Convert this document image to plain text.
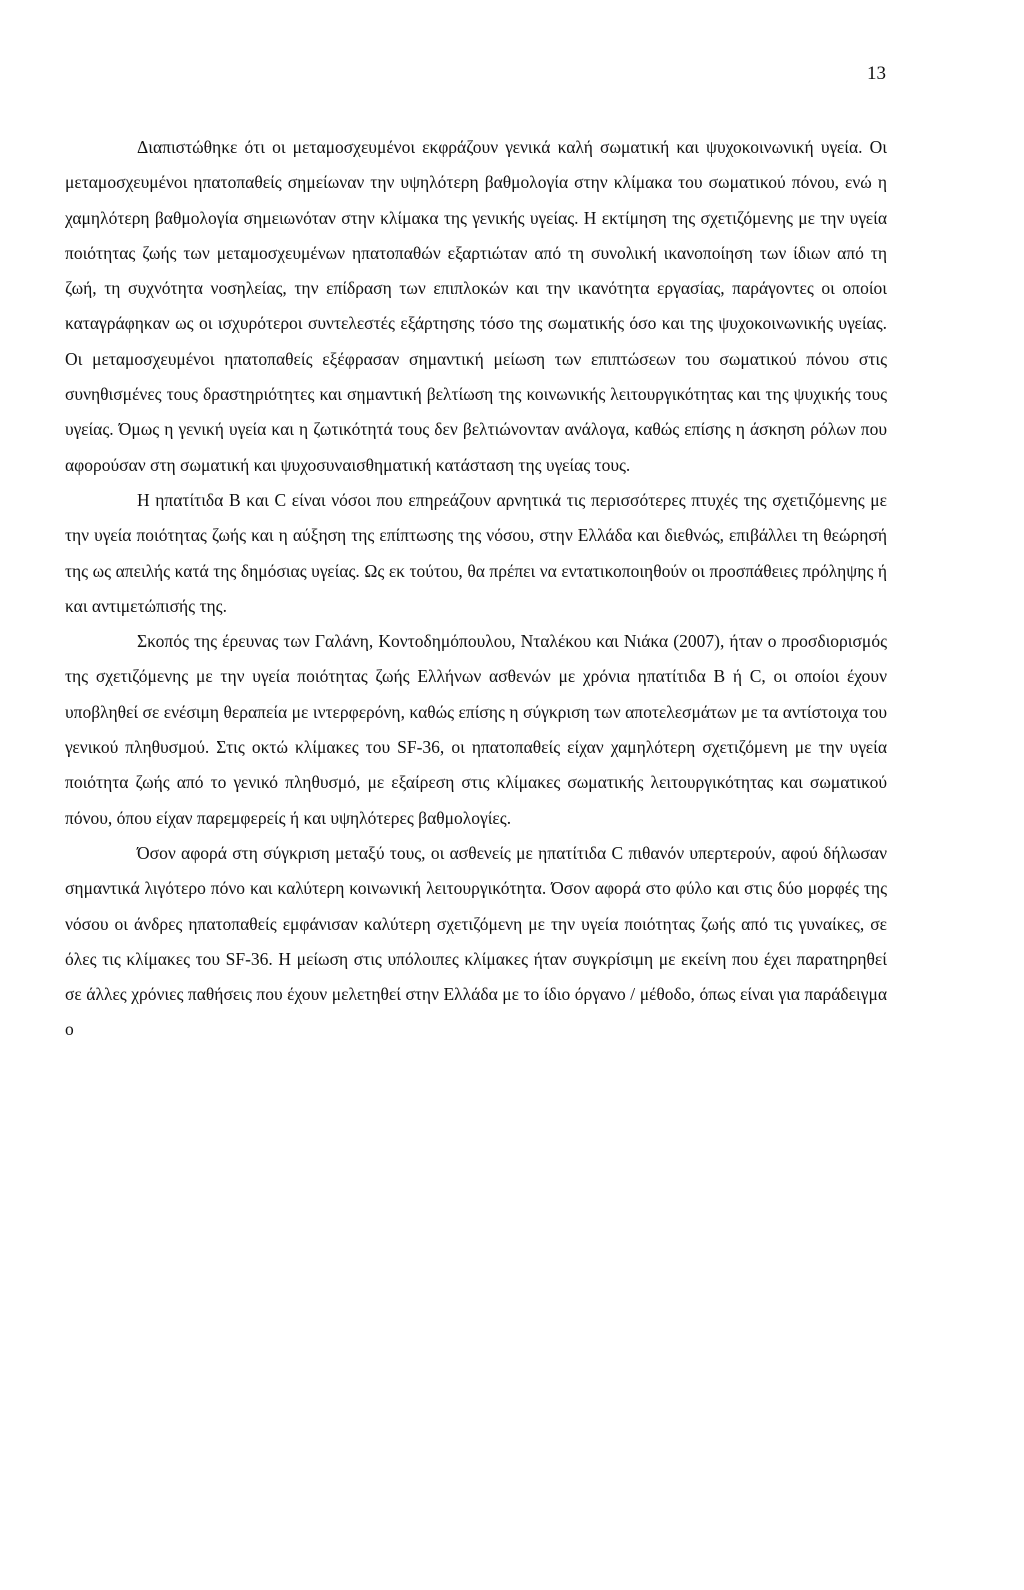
13

Διαπιστώθηκε ότι οι μεταμοσχευμένοι εκφράζουν γενικά καλή σωματική και ψυχοκοινωνική υγεία. Οι μεταμοσχευμένοι ηπατοπαθείς σημείωναν την υψηλότερη βαθμολογία στην κλίμακα του σωματικού πόνου, ενώ η χαμηλότερη βαθμολογία σημειωνόταν στην κλίμακα της γενικής υγείας. Η εκτίμηση της σχετιζόμενης με την υγεία ποιότητας ζωής των μεταμοσχευμένων ηπατοπαθών εξαρτιώταν από τη συνολική ικανοποίηση των ίδιων από τη ζωή, τη συχνότητα νοσηλείας, την επίδραση των επιπλοκών και την ικανότητα εργασίας, παράγοντες οι οποίοι καταγράφηκαν ως οι ισχυρότεροι συντελεστές εξάρτησης τόσο της σωματικής όσο και της ψυχοκοινωνικής υγείας. Οι μεταμοσχευμένοι ηπατοπαθείς εξέφρασαν σημαντική μείωση των επιπτώσεων του σωματικού πόνου στις συνηθισμένες τους δραστηριότητες και σημαντική βελτίωση της κοινωνικής λειτουργικότητας και της ψυχικής τους υγείας. Όμως η γενική υγεία και η ζωτικότητά τους δεν βελτιώνονταν ανάλογα, καθώς επίσης η άσκηση ρόλων που αφορούσαν στη σωματική και ψυχοσυναισθηματική κατάσταση της υγείας τους.

Η ηπατίτιδα Β και C είναι νόσοι που επηρεάζουν αρνητικά τις περισσότερες πτυχές της σχετιζόμενης με την υγεία ποιότητας ζωής και η αύξηση της επίπτωσης της νόσου, στην Ελλάδα και διεθνώς, επιβάλλει τη θεώρησή της ως απειλής κατά της δημόσιας υγείας. Ως εκ τούτου, θα πρέπει να εντατικοποιηθούν οι προσπάθειες πρόληψης ή και αντιμετώπισής της.

Σκοπός της έρευνας των Γαλάνη, Κοντοδημόπουλου, Νταλέκου και Νιάκα (2007), ήταν ο προσδιορισμός της σχετιζόμενης με την υγεία ποιότητας ζωής Ελλήνων ασθενών με χρόνια ηπατίτιδα Β ή C, οι οποίοι έχουν υποβληθεί σε ενέσιμη θεραπεία με ιντερφερόνη, καθώς επίσης η σύγκριση των αποτελεσμάτων με τα αντίστοιχα του γενικού πληθυσμού. Στις οκτώ κλίμακες του SF-36, οι ηπατοπαθείς είχαν χαμηλότερη σχετιζόμενη με την υγεία ποιότητα ζωής από το γενικό πληθυσμό, με εξαίρεση στις κλίμακες σωματικής λειτουργικότητας και σωματικού πόνου, όπου είχαν παρεμφερείς ή και υψηλότερες βαθμολογίες.

Όσον αφορά στη σύγκριση μεταξύ τους, οι ασθενείς με ηπατίτιδα C πιθανόν υπερτερούν, αφού δήλωσαν σημαντικά λιγότερο πόνο και καλύτερη κοινωνική λειτουργικότητα. Όσον αφορά στο φύλο και στις δύο μορφές της νόσου οι άνδρες ηπατοπαθείς εμφάνισαν καλύτερη σχετιζόμενη με την υγεία ποιότητας ζωής από τις γυναίκες, σε όλες τις κλίμακες του SF-36. Η μείωση στις υπόλοιπες κλίμακες ήταν συγκρίσιμη με εκείνη που έχει παρατηρηθεί σε άλλες χρόνιες παθήσεις που έχουν μελετηθεί στην Ελλάδα με το ίδιο όργανο / μέθοδο, όπως είναι για παράδειγμα ο
